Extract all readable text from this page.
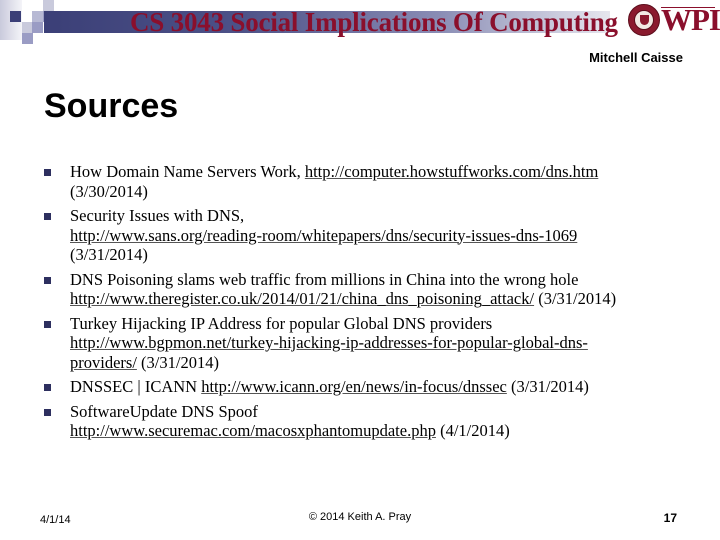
CS 3043 Social Implications Of Computing WPI
Mitchell Caisse
Sources
How Domain Name Servers Work, http://computer.howstuffworks.com/dns.htm
(3/30/2014)
Security Issues with DNS,
http://www.sans.org/reading-room/whitepapers/dns/security-issues-dns-1069
(3/31/2014)
DNS Poisoning slams web traffic from millions in China into the wrong hole
http://www.theregister.co.uk/2014/01/21/china_dns_poisoning_attack/ (3/31/2014)
Turkey Hijacking IP Address for popular Global DNS providers
http://www.bgpmon.net/turkey-hijacking-ip-addresses-for-popular-global-dns-
providers/ (3/31/2014)
DNSSEC | ICANN http://www.icann.org/en/news/in-focus/dnssec (3/31/2014)
SoftwareUpdate DNS Spoof
http://www.securemac.com/macosxphantomupdate.php (4/1/2014)
4/1/14	© 2014 Keith A. Pray	17
